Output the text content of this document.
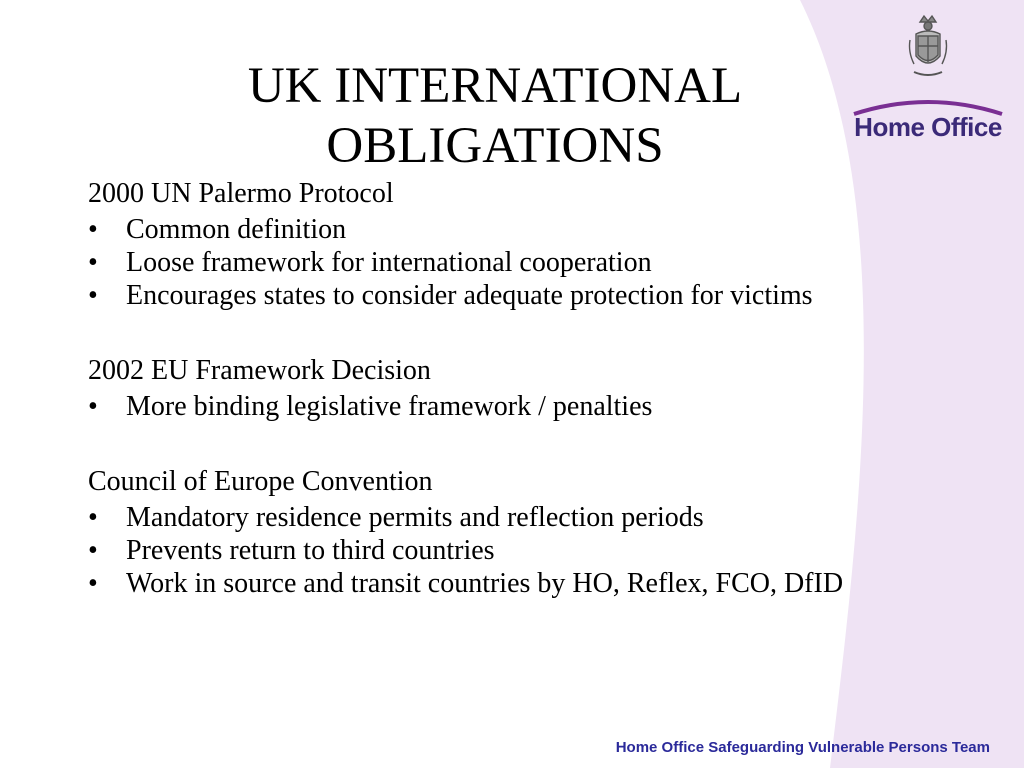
Home Office
UK INTERNATIONAL
OBLIGATIONS

2000 UN Palermo Protocol

• Common definition
• Loose framework for international cooperation
• Encourages states to consider adequate protection for victims

2002 EU Framework Decision

• More binding legislative framework / penalties

Council of Europe Convention

• Mandatory residence permits and reflection periods
• Prevents return to third countries
• Work in source and transit countries by HO, Reflex, FCO, DfID
Home Office Safeguarding Vulnerable Persons Team
